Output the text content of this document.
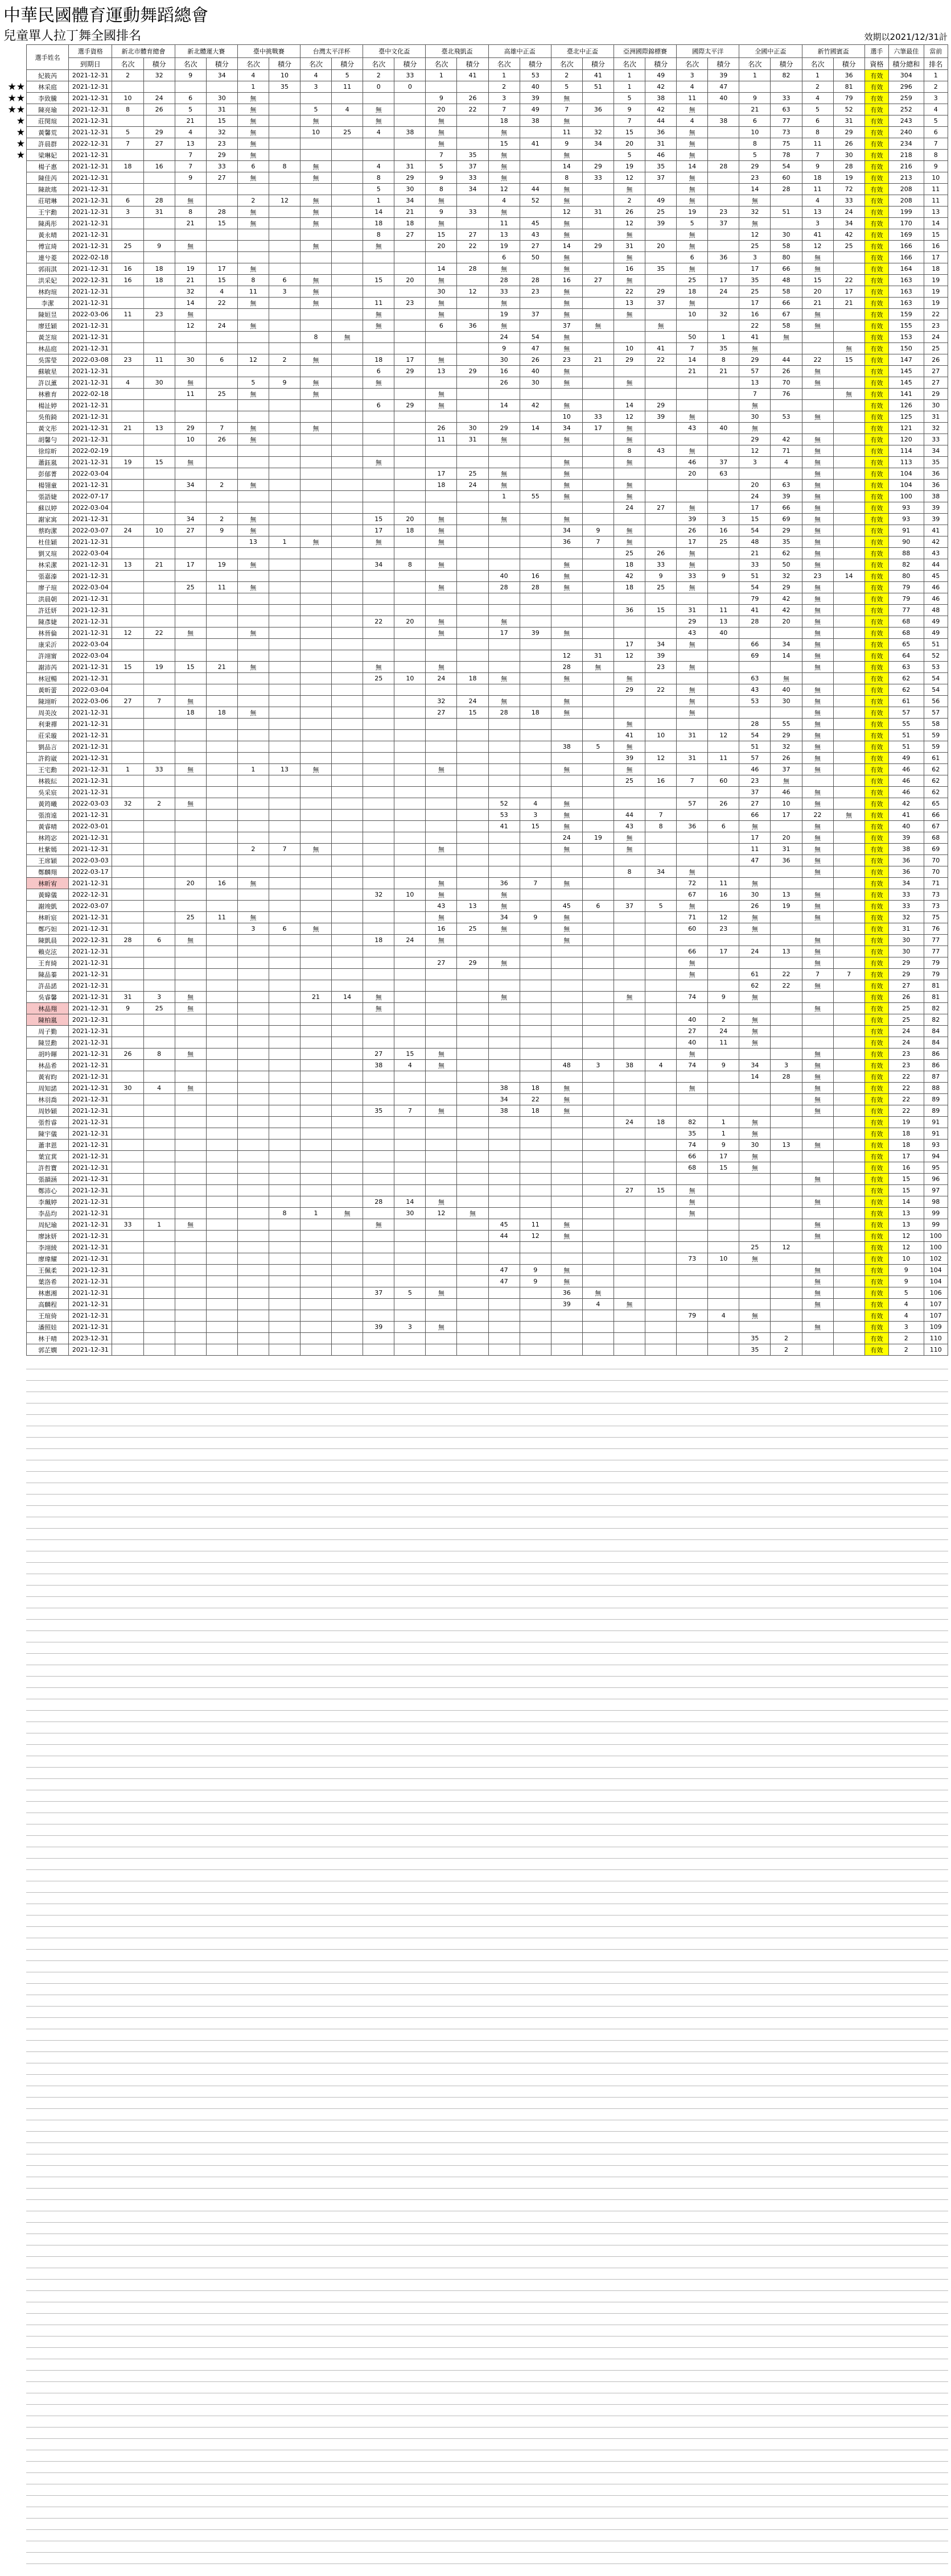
中華民國體育運動舞蹈總會
兒童單人拉丁舞全國排名	效期以2021/12/31計
★★
★★
★★
★
★
★
★
選手姓名	選手資格	新北市體育總會		新北體運大賽		臺中挑戰賽		台灣太平洋杯		臺中文化盃		臺北飛凱盃		高雄中正盃		臺北中正盃		亞洲國際錦標賽		國際太平洋		全國中正盃		新竹國賓盃		選手	六筆最佳	當前
	到期日	名次	積分	名次	積分	名次	積分	名次	積分	名次	積分	名次	積分	名次	積分	名次	積分	名次	積分	名次	積分	名次	積分	名次	積分	資格	積分總和	排名
紀筱芮	2021-12-31	2	32	9	34	4	10	4	5	2	33	1	41	1	53	2	41	1	49	3	39	1	82	1	36	有效	304	1
林采庭	2021-12-31					1	35	3	11	0	0			2	40	5	51	1	42	4	47			2	81	有效	296	2
李致騰	2021-12-31	10	24	6	30	無						9	26	3	39	無		5	38	11	40	9	33	4	79	有效	259	3
陳亮瑜	2021-12-31	8	26	5	31	無		5	4	無		20	22	7	49	7	36	9	42	無		21	63	5	52	有效	252	4
莊閔瑄	2021-12-31			21	15	無		無		無		無		18	38	無		7	44	4	38	6	77	6	31	有效	243	5
黃馨荒	2021-12-31	5	29	4	32	無		10	25	4	38	無		無		11	32	15	36	無		10	73	8	29	有效	240	6
許晨群	2022-12-31	7	27	13	23	無						無		15	41	9	34	20	31	無		8	75	11	26	有效	234	7
梁琳妃	2021-12-31			7	29	無						7	35	無		無		5	46	無		5	78	7	30	有效	218	8
楊子惠	2021-12-31	18	16	7	33	6	8	無		4	31	5	37	無		14	29	19	35	14	28	29	54	9	28	有效	216	9
陳佳芮	2021-12-31			9	27	無		無		8	29	9	33	無		8	33	12	37	無		23	60	18	19	有效	213	10
陳歆瑤	2021-12-31									5	30	8	34	12	44	無		無		無		14	28	11	72	有效	208	11
莊珺琳	2021-12-31	6	28	無		2	12	無		1	34	無		4	52	無		2	49	無		無		4	33	有效	208	11
王宇勳	2021-12-31	3	31	8	28	無		無		14	21	9	33	無		12	31	26	25	19	23	32	51	13	24	有效	199	13
陳禹彤	2021-12-31			21	15	無		無		18	18	無		11	45	無		12	39	5	37	無		3	34	有效	170	14
黃永晴	2021-12-31									8	27	15	27	13	43	無		無		無		12	30	41	42	有效	169	15
傅宣琦	2021-12-31	25	9	無				無		無		20	22	19	27	14	29	31	20	無		25	58	12	25	有效	166	16
連兮菱	2022-02-18													6	50	無		無		6	36	3	80	無		有效	166	17
郭雨淇	2021-12-31	16	18	19	17	無						14	28	無		無		16	35	無		17	66	無		有效	164	18
洪采妃	2022-12-31	16	18	21	15	8	6	無		15	20	無		28	28	16	27	無		25	17	35	48	15	22	有效	163	19
林昀瑄	2021-12-31			32	4	11	3	無				30	12	33	23	無		22	29	18	24	25	58	20	17	有效	163	19
李潔	2021-12-31			14	22	無		無		11	23	無		無		無		13	37	無		17	66	21	21	有效	163	19
陳姮昱	2022-03-06	11	23	無						無		無		19	37	無		無		10	32	16	67	無		有效	159	22
廖廷穎	2021-12-31			12	24	無				無		6	36	無		37	無		無			22	58	無		有效	155	23
黃芝瑄	2021-12-31							8	無					24	54	無				50	1	41	無			有效	153	24
林品庭	2021-12-31													9	47	無		10	41	7	35	無			無	有效	150	25
吳霈瑩	2022-03-08	23	11	30	6	12	2	無		18	17	無		30	26	23	21	29	22	14	8	29	44	22	15	有效	147	26
蘇敏星	2021-12-31									6	29	13	29	16	40	無				21	21	57	26	無		有效	145	27
許以薰	2021-12-31	4	30	無		5	9	無		無				26	30	無		無				13	70	無		有效	145	27
林雅育	2022-02-18			11	25	無		無				無										7	76		無	有效	141	29
楊沚婷	2021-12-31									6	29	無		14	42	無		14	29			無				有效	126	30
吳侑錡	2021-12-31															10	33	12	39	無		30	53	無		有效	125	31
黃文彤	2021-12-31	21	13	29	7	無		無				26	30	29	14	34	17	無		43	40	無				有效	121	32
胡馨勻	2021-12-31			10	26	無						11	31	無		無		無				29	42	無		有效	120	33
徐琮昕	2022-02-19																	8	43	無		12	71	無		有效	114	34
蕭鈺嵐	2021-12-31	19	15	無						無						無		無		46	37	3	4	無		有效	113	35
彭郁菁	2022-03-04											17	25	無		無				20	63			無		有效	104	36
楊翎童	2021-12-31			34	2	無						18	24	無		無		無				20	63	無		有效	104	36
張語婕	2022-07-17													1	55	無		無				24	39	無		有效	100	38
蘇以婷	2022-03-04																	24	27	無		17	66	無		有效	93	39
謝家寓	2021-12-31			34	2	無				15	20	無		無		無				39	3	15	69	無		有效	93	39
蔡昀潔	2022-03-07	24	10	27	9	無				17	18	無				34	9	無		26	16	54	29	無		有效	91	41
杜佳穎	2021-12-31					13	1	無		無		無				36	7	無		17	25	48	35	無		有效	90	42
劉又瑄	2022-03-04																	25	26	無		21	62	無		有效	88	43
林采潔	2021-12-31	13	21	17	19	無				34	8	無				無		18	33	無		33	50	無		有效	82	44
張嘉溱	2021-12-31													40	16	無		42	9	33	9	51	32	23	14	有效	80	45
廖子瑄	2022-03-04			25	11	無						無		28	28	無		18	25	無		54	29	無		有效	79	46
洪晨朝	2021-12-31																					79	42	無		有效	79	46
許廷妍	2021-12-31																	36	15	31	11	41	42	無		有效	77	48
陳彥婕	2021-12-31									22	20	無		無						29	13	28	20	無		有效	68	49
林晉倫	2021-12-31	12	22	無		無						無		17	39	無				43	40			無		有效	68	49
康采沂	2022-03-04																	17	34	無		66	34	無		有效	65	51
許翊甯	2022-03-04															12	31	12	39			69	14	無		有效	64	52
謝沛芮	2021-12-31	15	19	15	21	無				無		無				28	無		23	無				無		有效	63	53
林冠暢	2021-12-31									25	10	24	18	無		無		無				63	無			有效	62	54
黃昕蕾	2022-03-04																	29	22	無		43	40	無		有效	62	54
陳翊昕	2022-03-06	27	7	無								32	24	無		無				無		53	30	無		有效	61	56
周美汝	2021-12-31			18	18	無						27	15	28	18	無				無				無		有效	57	57
利秉禪	2021-12-31																	無				28	55	無		有效	55	58
莊采璇	2021-12-31																	41	10	31	12	54	29	無		有效	51	59
劉品言	2021-12-31															38	5	無				51	32	無		有效	51	59
許鈞崴	2021-12-31																	39	12	31	11	57	26	無		有效	49	61
王宅勳	2021-12-31	1	33	無		1	13	無				無				無		無				46	37	無		有效	46	62
林筱紜	2021-12-31																	25	16	7	60	23	無			有效	46	62
吳采宸	2021-12-31																					37	46	無		有效	46	62
黃筠曦	2022-03-03	32	2	無										52	4	無				57	26	27	10	無		有效	42	65
張淯遠	2021-12-31													53	3	無		44	7			66	17	22	無	有效	41	66
黃睿晴	2022-03-01													41	15	無		43	8	36	6	無		無		有效	40	67
林筠宓	2021-12-31															24	19	無				17	20	無		有效	39	68
杜紫嫣	2021-12-31					2	7	無				無				無		無				11	31	無		有效	38	69
王席穎	2022-03-03																					47	36	無		有效	36	70
鄭麟翔	2022-03-17																	8	34	無				無		有效	36	70
林昕宥	2021-12-31			20	16	無						無		36	7	無				72	11	無				有效	34	71
黃暐儀	2022-12-31									32	10	無		無						67	16	30	13	無		有效	33	73
謝竣凱	2022-03-07											43	13	無		45	6	37	5	無		26	19	無		有效	33	73
林昕宸	2021-12-31			25	11	無						無		34	9	無				71	12	無		無		有效	32	75
鄭巧妲	2021-12-31					3	6	無				16	25	無		無				60	23	無				有效	31	76
陳凱晨	2022-12-31	28	6	無						18	24	無				無								無		有效	30	77
賴克泫	2021-12-31																			66	17	24	13	無		有效	30	77
王育綺	2021-12-31											27	29	無						無				無		有效	29	79
陳品蓁	2021-12-31																			無		61	22	7	7	有效	29	79
許品諾	2021-12-31																					62	22	無		有效	27	81
吳睿馨	2021-12-31	31	3	無				21	14	無				無				無		74	9	無				有效	26	81
林品翔	2021-12-31	9	25	無						無														無		有效	25	82
陳柏嵐	2021-12-31																			40	2	無				有效	25	82
周子勤	2021-12-31																			27	24	無				有效	24	84
陳昱勳	2021-12-31																			40	11	無				有效	24	84
胡吟暉	2021-12-31	26	8	無						27	15	無								無				無		有效	23	86
林品希	2021-12-31									38	4	無				48	3	38	4	74	9	34	3	無		有效	23	86
黃宥昀	2021-12-31																					14	28	無		有效	22	87
周知諾	2021-12-31	30	4	無										38	18	無				無				無		有效	22	88
林羽喬	2021-12-31													34	22	無								無		有效	22	89
周妙穎	2021-12-31									35	7	無		38	18	無								無		有效	22	89
張哲睿	2021-12-31																	24	18	82	1	無				有效	19	91
陳宇儀	2021-12-31																			35	1	無				有效	18	91
蕭聿恩	2021-12-31																			74	9	30	13	無		有效	18	93
葉宜萁	2021-12-31																			66	17	無				有效	17	94
許哲寶	2021-12-31																			68	15	無				有效	16	95
張韻涵	2021-12-31																							無		有效	15	96
鄭沛心	2021-12-31																	27	15	無						有效	15	97
李珮婷	2021-12-31									28	14	無								無				無		有效	14	98
李品均	2021-12-31						8	1	無		30	12	無							無						有效	13	99
周紀瑜	2021-12-31	33	1	無						無				45	11	無								無		有效	13	99
廖詠妍	2021-12-31													44	12	無								無		有效	12	100
李翊綾	2021-12-31																					25	12			有效	12	100
廖瑋耀	2021-12-31																			73	10	無				有效	10	102
王佩柔	2021-12-31													47	9	無								無		有效	9	104
葉洛希	2021-12-31													47	9	無								無		有效	9	104
林惠湘	2021-12-31									37	5	無				36	無							無		有效	5	106
高麟程	2021-12-31															39	4	無						無		有效	4	107
王瑄倚	2021-12-31																			79	4	無				有效	4	107
潘照娃	2021-12-31									39	3	無												無		有效	3	109
林于晴	2023-12-31																					35	2			有效	2	110
郭芷嫻	2021-12-31																					35	2			有效	2	110
